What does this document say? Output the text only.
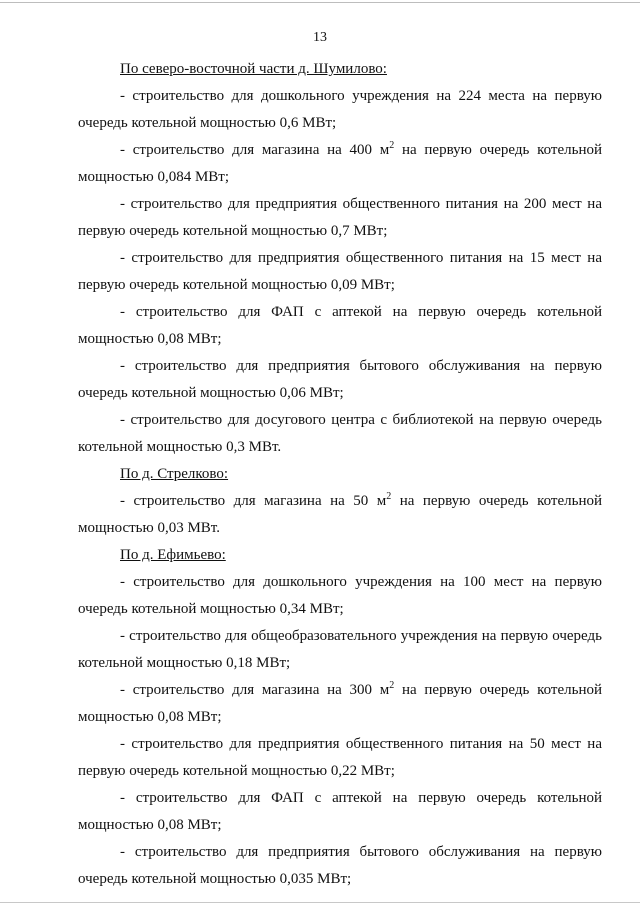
13

По северо-восточной части д. Шумилово:

- строительство для дошкольного учреждения на 224 места на первую очередь котельной мощностью 0,6 МВт;

- строительство для магазина на 400 $м^2$ на первую очередь котельной мощностью 0,084 МВт;

- строительство для предприятия общественного питания на 200 мест на первую очередь котельной мощностью 0,7 МВт;

- строительство для предприятия общественного питания на 15 мест на первую очередь котельной мощностью 0,09 МВт;

- строительство для ФАП с аптекой на первую очередь котельной мощностью 0,08 МВт;

- строительство для предприятия бытового обслуживания на первую очередь котельной мощностью 0,06 МВт;

- строительство для досугового центра с библиотекой на первую очередь котельной мощностью 0,3 МВт.

По д. Стрелково:

- строительство для магазина на 50 $м^2$ на первую очередь котельной мощностью 0,03 МВт.

По д. Ефимьево:

- строительство для дошкольного учреждения на 100 мест на первую очередь котельной мощностью 0,34 МВт;

- строительство для общеобразовательного учреждения на первую очередь котельной мощностью 0,18 МВт;

- строительство для магазина на 300 $м^2$ на первую очередь котельной мощностью 0,08 МВт;

- строительство для предприятия общественного питания на 50 мест на первую очередь котельной мощностью 0,22 МВт;

- строительство для ФАП с аптекой на первую очередь котельной мощностью 0,08 МВт;

- строительство для предприятия бытового обслуживания на первую очередь котельной мощностью 0,035 МВт;
